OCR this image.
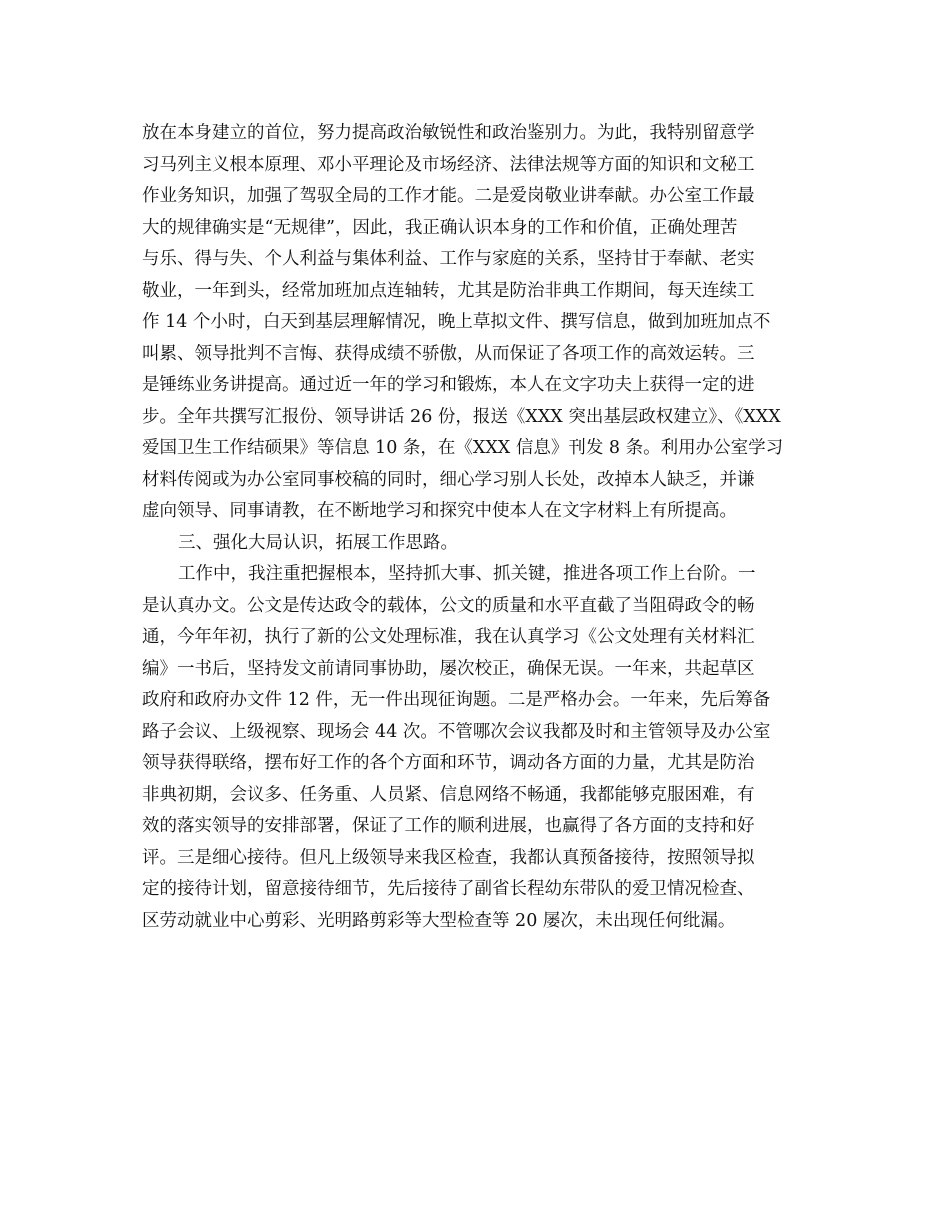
放在本身建立的首位，努力提高政治敏锐性和政治鉴别力。为此，我特别留意学
习马列主义根本原理、邓小平理论及市场经济、法律法规等方面的知识和文秘工
作业务知识，加强了驾驭全局的工作才能。二是爱岗敬业讲奉献。办公室工作最
大的规律确实是“无规律”，因此，我正确认识本身的工作和价值，正确处理苦
与乐、得与失、个人利益与集体利益、工作与家庭的关系，坚持甘于奉献、老实
敬业，一年到头，经常加班加点连轴转，尤其是防治非典工作期间，每天连续工
作 14 个小时，白天到基层理解情况，晚上草拟文件、撰写信息，做到加班加点不
叫累、领导批判不言悔、获得成绩不骄傲，从而保证了各项工作的高效运转。三
是锤练业务讲提高。通过近一年的学习和锻炼，本人在文字功夫上获得一定的进
步。全年共撰写汇报份、领导讲话 26 份，报送《XXX 突出基层政权建立》、《XXX
爱国卫生工作结硕果》等信息 10 条，在《XXX 信息》刊发 8 条。利用办公室学习
材料传阅或为办公室同事校稿的同时，细心学习别人长处，改掉本人缺乏，并谦
虚向领导、同事请教，在不断地学习和探究中使本人在文字材料上有所提高。
三、强化大局认识，拓展工作思路。
工作中，我注重把握根本，坚持抓大事、抓关键，推进各项工作上台阶。一
是认真办文。公文是传达政令的载体，公文的质量和水平直截了当阻碍政令的畅
通，今年年初，执行了新的公文处理标准，我在认真学习《公文处理有关材料汇
编》一书后，坚持发文前请同事协助，屡次校正，确保无误。一年来，共起草区
政府和政府办文件 12 件，无一件出现征询题。二是严格办会。一年来，先后筹备
路子会议、上级视察、现场会 44 次。不管哪次会议我都及时和主管领导及办公室
领导获得联络，摆布好工作的各个方面和环节，调动各方面的力量，尤其是防治
非典初期，会议多、任务重、人员紧、信息网络不畅通，我都能够克服困难，有
效的落实领导的安排部署，保证了工作的顺利进展，也赢得了各方面的支持和好
评。三是细心接待。但凡上级领导来我区检查，我都认真预备接待，按照领导拟
定的接待计划，留意接待细节，先后接待了副省长程幼东带队的爱卫情况检查、
区劳动就业中心剪彩、光明路剪彩等大型检查等 20 屡次，未出现任何纰漏。
